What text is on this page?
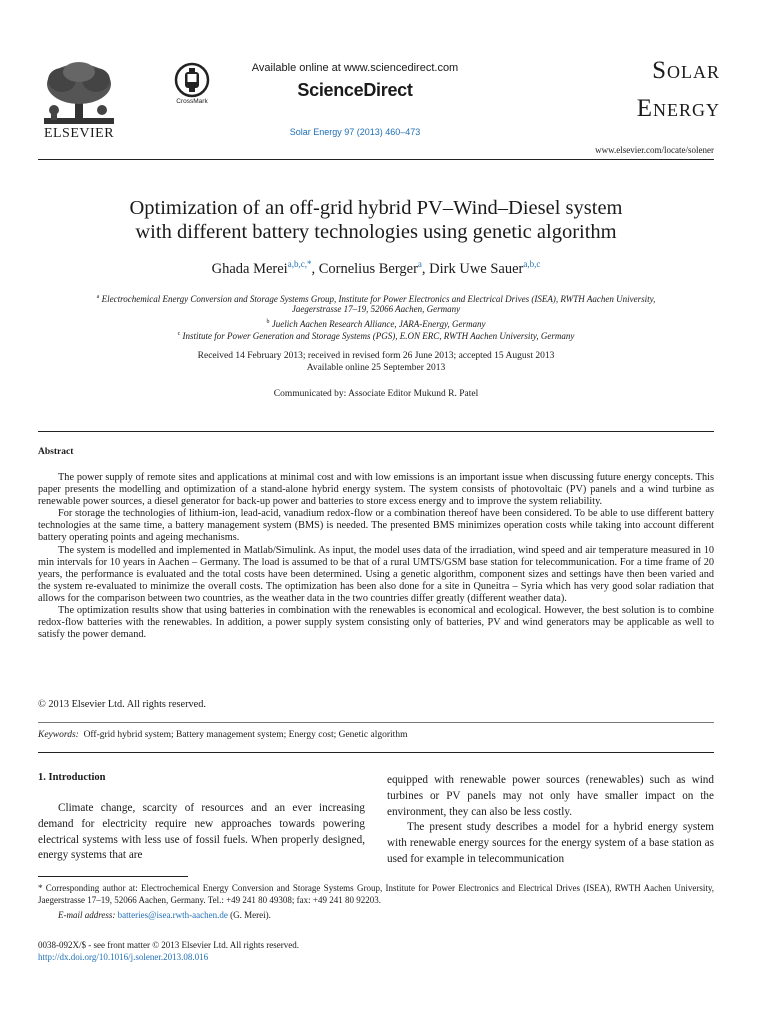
ELSEVIER
CrossMark
Available online at www.sciencedirect.com
ScienceDirect
Solar Energy 97 (2013) 460–473
Solar
Energy
www.elsevier.com/locate/solener
Optimization of an off-grid hybrid PV–Wind–Diesel system
with different battery technologies using genetic algorithm
Ghada Merei$^{a,b,c,*}$, Cornelius Berger$^a$, Dirk Uwe Sauer$^{a,b,c}$
$^a$ Electrochemical Energy Conversion and Storage Systems Group, Institute for Power Electronics and Electrical Drives (ISEA), RWTH Aachen University,
Jaegerstrasse 17–19, 52066 Aachen, Germany
$^b$ Juelich Aachen Research Alliance, JARA-Energy, Germany
$^c$ Institute for Power Generation and Storage Systems (PGS), E.ON ERC, RWTH Aachen University, Germany
Received 14 February 2013; received in revised form 26 June 2013; accepted 15 August 2013
Available online 25 September 2013
Communicated by: Associate Editor Mukund R. Patel
Abstract

The power supply of remote sites and applications at minimal cost and with low emissions is an important issue when discussing future energy concepts. This paper presents the modelling and optimization of a stand-alone hybrid energy system. The system consists of photovoltaic (PV) panels and a wind turbine as renewable power sources, a diesel generator for back-up power and batteries to store excess energy and to improve the system reliability.

For storage the technologies of lithium-ion, lead-acid, vanadium redox-flow or a combination thereof have been considered. To be able to use different battery technologies at the same time, a battery management system (BMS) is needed. The presented BMS minimizes operation costs while taking into account different battery operating points and ageing mechanisms.

The system is modelled and implemented in Matlab/Simulink. As input, the model uses data of the irradiation, wind speed and air temperature measured in 10 min intervals for 10 years in Aachen – Germany. The load is assumed to be that of a rural UMTS/GSM base station for telecommunication. For a time frame of 20 years, the performance is evaluated and the total costs have been determined. Using a genetic algorithm, component sizes and settings have then been varied and the system re-evaluated to minimize the overall costs. The optimization has been also done for a site in Quneitra – Syria which has very good solar radiation that allows for the comparison between two countries, as the weather data in the two countries differ greatly (different weather data).

The optimization results show that using batteries in combination with the renewables is economical and ecological. However, the best solution is to combine redox-flow batteries with the renewables. In addition, a power supply system consisting only of batteries, PV and wind generators may be applicable as well to satisfy the power demand.

© 2013 Elsevier Ltd. All rights reserved.
Keywords: Off-grid hybrid system; Battery management system; Energy cost; Genetic algorithm
1. Introduction

Climate change, scarcity of resources and an ever increasing demand for electricity require new approaches towards powering electrical systems with less use of fossil fuels. When properly designed, energy systems that are

equipped with renewable power sources (renewables) such as wind turbines or PV panels may not only have smaller impact on the environment, they can also be less costly.

The present study describes a model for a hybrid energy system with renewable energy sources for the energy system of a base station as used for example in telecommunication

* Corresponding author at: Electrochemical Energy Conversion and Storage Systems Group, Institute for Power Electronics and Electrical Drives (ISEA), RWTH Aachen University, Jaegerstrasse 17–19, 52066 Aachen, Germany. Tel.: +49 241 80 49308; fax: +49 241 80 92203.
E-mail address: batteries@isea.rwth-aachen.de (G. Merei).
0038-092X/$ - see front matter © 2013 Elsevier Ltd. All rights reserved.
http://dx.doi.org/10.1016/j.solener.2013.08.016
